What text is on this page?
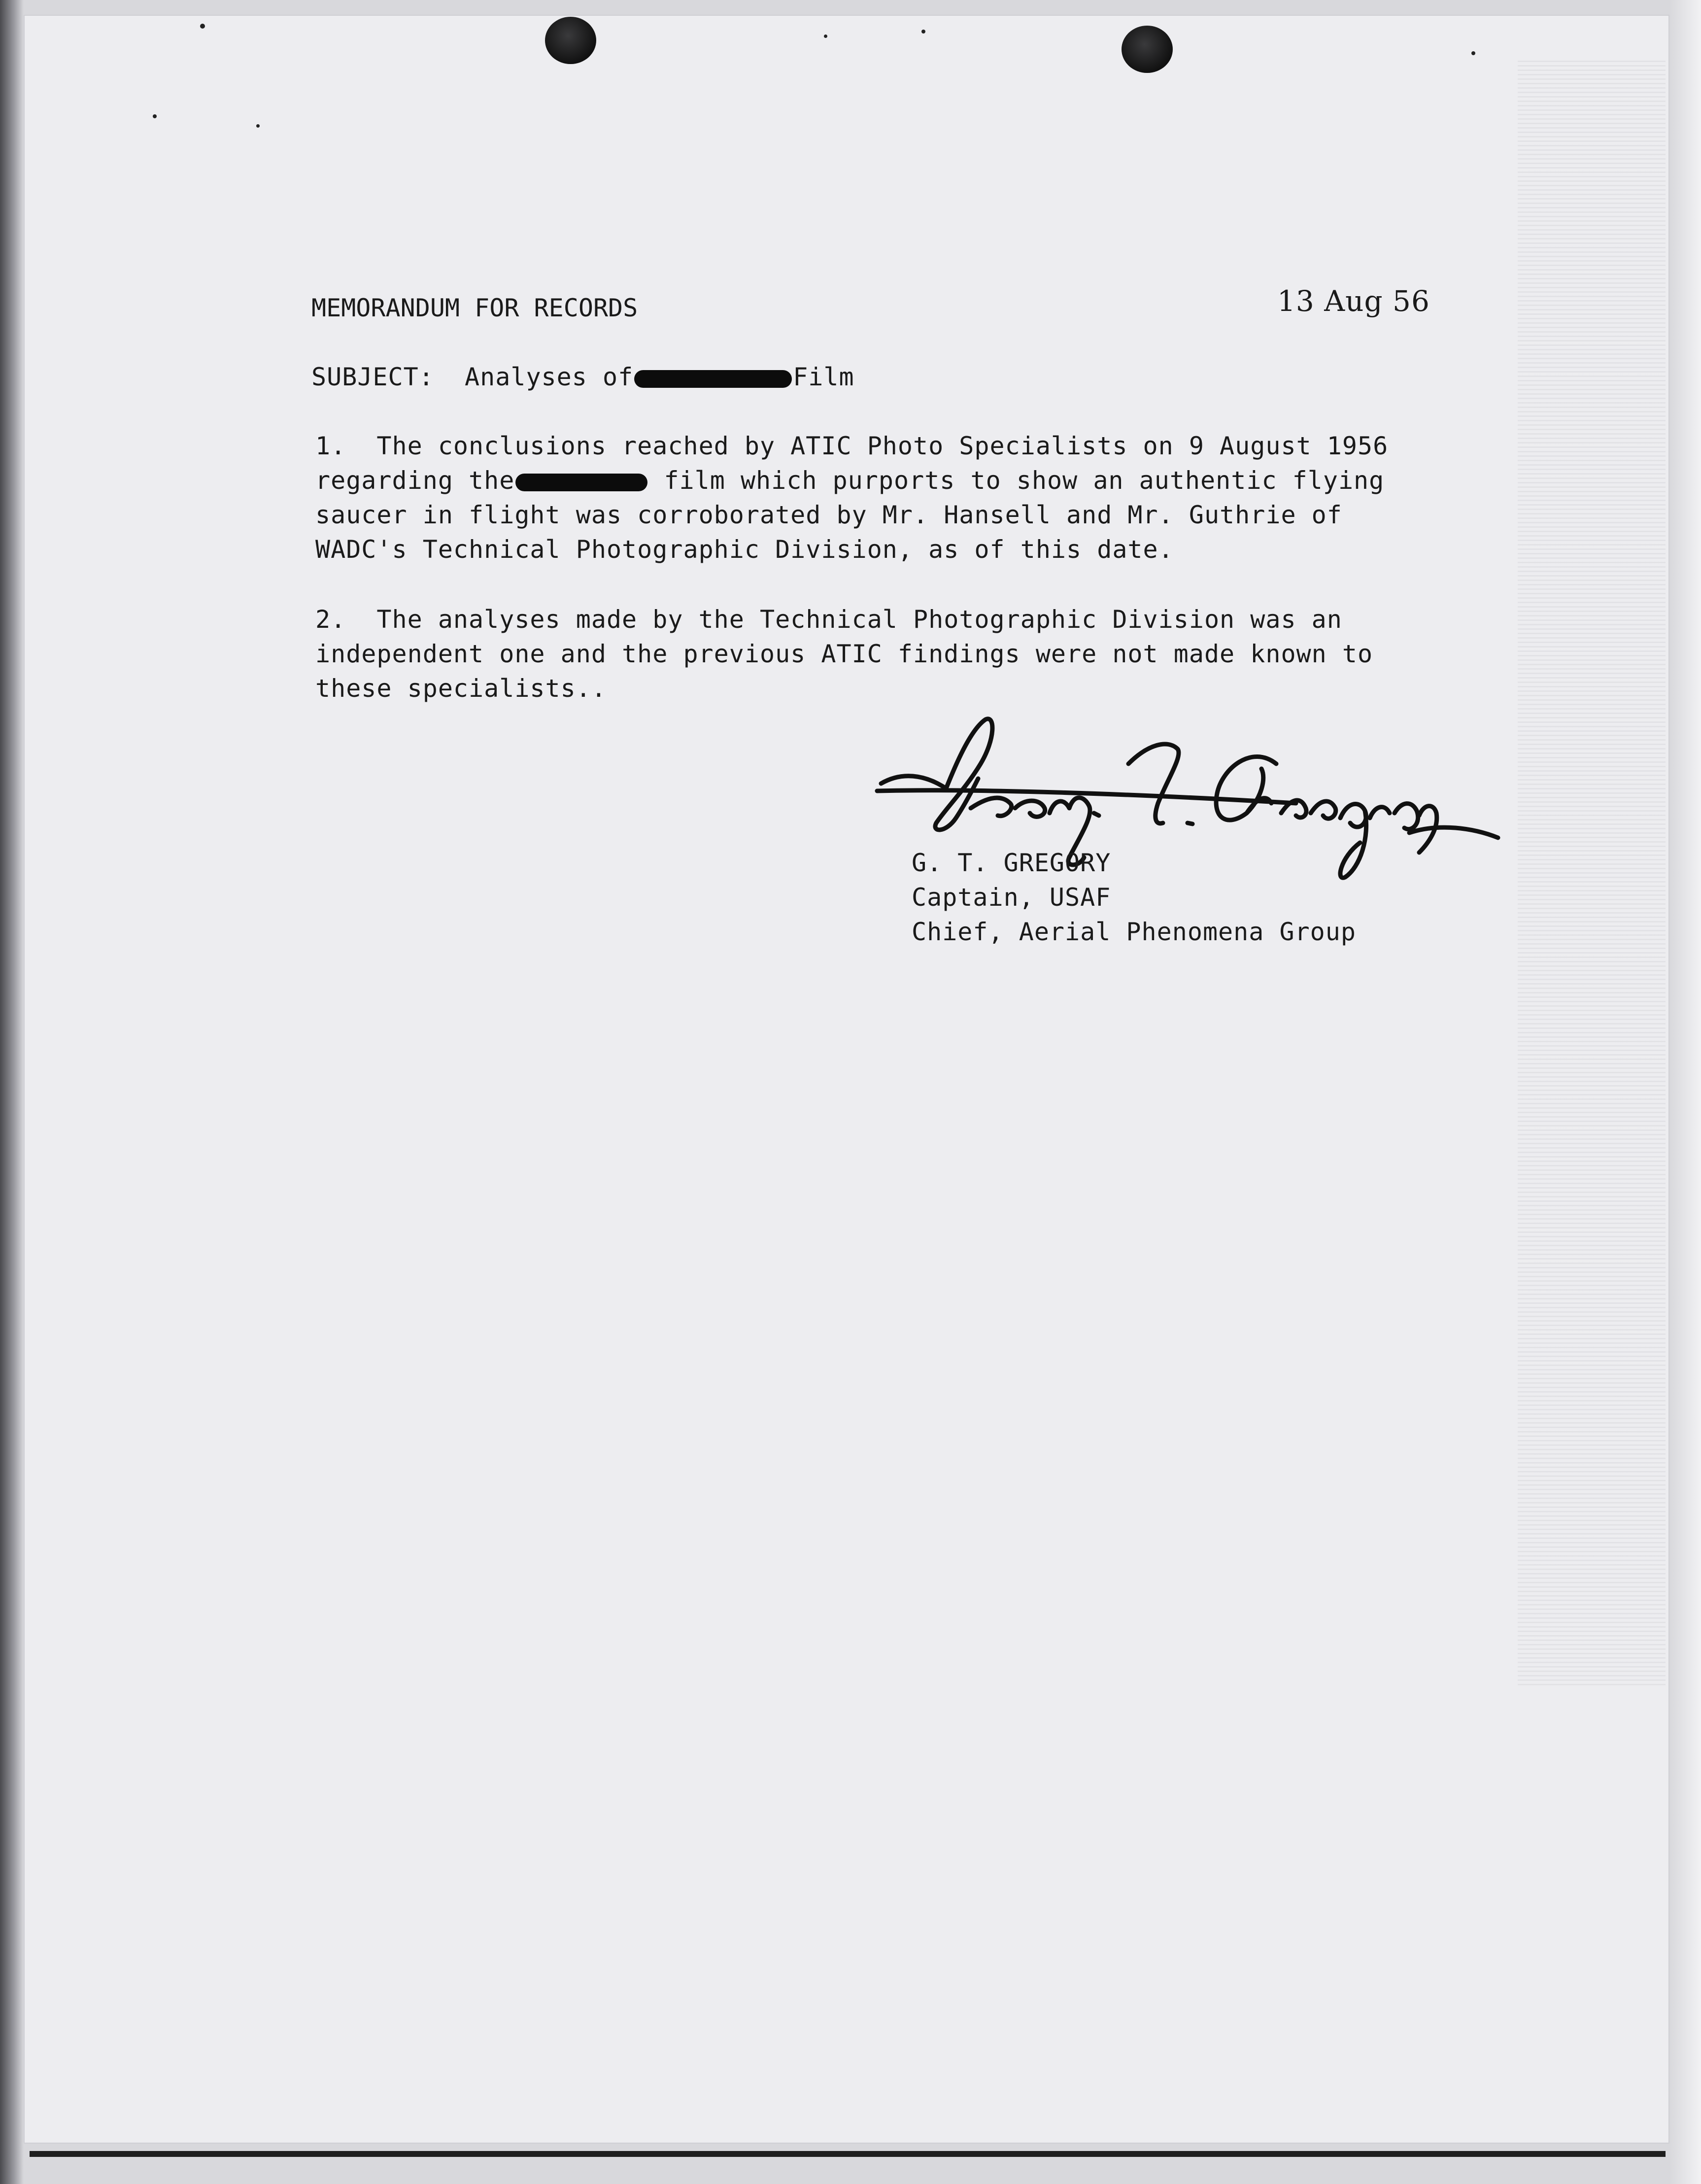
MEMORANDUM FOR RECORDS	13 Aug 56
SUBJECT: Analyses of	Film
1.  The conclusions reached by ATIC Photo Specialists on 9 August 1956
regarding the	film which purports to show an authentic flying
saucer in flight was corroborated by Mr. Hansell and Mr. Guthrie of
WADC's Technical Photographic Division, as of this date.
2.  The analyses made by the Technical Photographic Division was an
independent one and the previous ATIC findings were not made known to
these specialists..
G. T. GREGORY
Captain, USAF
Chief, Aerial Phenomena Group
